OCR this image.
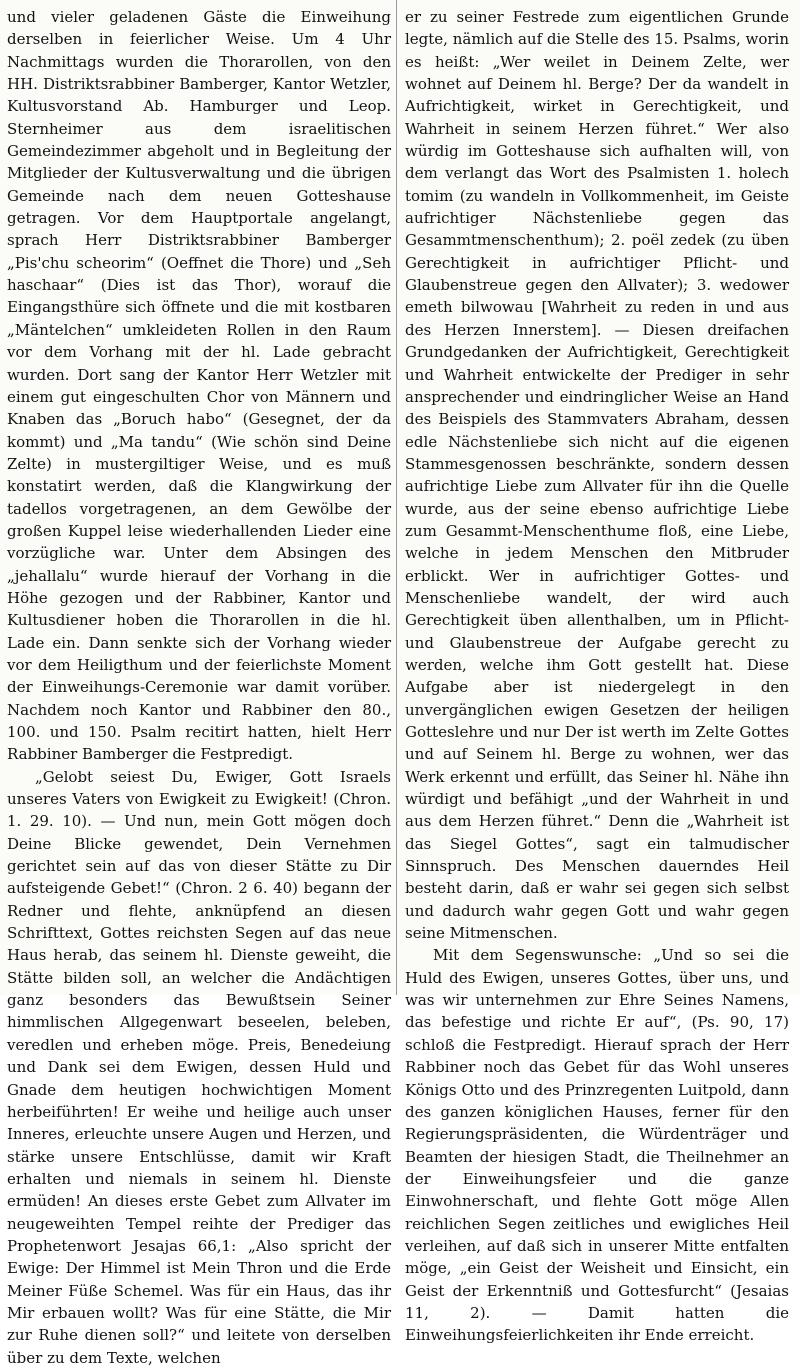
und vieler geladenen Gäste die Einweihung derselben in feierlicher Weise. Um 4 Uhr Nachmittags wurden die Thorarollen, von den HH. Distriktsrabbiner Bamberger, Kantor Wetzler, Kultusvorstand Ab. Hamburger und Leop. Sternheimer aus dem israelitischen Gemeindezimmer abgeholt und in Begleitung der Mitglieder der Kultusverwaltung und die übrigen Gemeinde nach dem neuen Gotteshause getragen. Vor dem Hauptportale angelangt, sprach Herr Distriktsrabbiner Bamberger „Pis'chu scheorim“ (Oeffnet die Thore) und „Seh haschaar“ (Dies ist das Thor), worauf die Eingangsthüre sich öffnete und die mit kostbaren „Mäntelchen“ umkleideten Rollen in den Raum vor dem Vorhang mit der hl. Lade gebracht wurden. Dort sang der Kantor Herr Wetzler mit einem gut eingeschulten Chor von Männern und Knaben das „Boruch habo“ (Gesegnet, der da kommt) und „Ma tandu“ (Wie schön sind Deine Zelte) in mustergiltiger Weise, und es muß konstatirt werden, daß die Klangwirkung der tadellos vorgetragenen, an dem Gewölbe der großen Kuppel leise wiederhallenden Lieder eine vorzügliche war. Unter dem Absingen des „jehallalu“ wurde hierauf der Vorhang in die Höhe gezogen und der Rabbiner, Kantor und Kultusdiener hoben die Thorarollen in die hl. Lade ein. Dann senkte sich der Vorhang wieder vor dem Heiligthum und der feierlichste Moment der Einweihungs-Ceremonie war damit vorüber. Nachdem noch Kantor und Rabbiner den 80., 100. und 150. Psalm recitirt hatten, hielt Herr Rabbiner Bamberger die Festpredigt.

„Gelobt seiest Du, Ewiger, Gott Israels unseres Vaters von Ewigkeit zu Ewigkeit! (Chron. 1. 29. 10). — Und nun, mein Gott mögen doch Deine Blicke gewendet, Dein Vernehmen gerichtet sein auf das von dieser Stätte zu Dir aufsteigende Gebet!“ (Chron. 2 6. 40) begann der Redner und flehte, anknüpfend an diesen Schrifttext, Gottes reichsten Segen auf das neue Haus herab, das seinem hl. Dienste geweiht, die Stätte bilden soll, an welcher die Andächtigen ganz besonders das Bewußtsein Seiner himmlischen Allgegenwart beseelen, beleben, veredlen und erheben möge. Preis, Benedeiung und Dank sei dem Ewigen, dessen Huld und Gnade dem heutigen hochwichtigen Moment herbeiführten! Er weihe und heilige auch unser Inneres, erleuchte unsere Augen und Herzen, und stärke unsere Entschlüsse, damit wir Kraft erhalten und niemals in seinem hl. Dienste ermüden! An dieses erste Gebet zum Allvater im neugeweihten Tempel reihte der Prediger das Prophetenwort Jesajas 66,1: „Also spricht der Ewige: Der Himmel ist Mein Thron und die Erde Meiner Füße Schemel. Was für ein Haus, das ihr Mir erbauen wollt? Was für eine Stätte, die Mir zur Ruhe dienen soll?“ und leitete von derselben über zu dem Texte, welchen

er zu seiner Festrede zum eigentlichen Grunde legte, nämlich auf die Stelle des 15. Psalms, worin es heißt: „Wer weilet in Deinem Zelte, wer wohnet auf Deinem hl. Berge? Der da wandelt in Aufrichtigkeit, wirket in Gerechtigkeit, und Wahrheit in seinem Herzen führet.“ Wer also würdig im Gotteshause sich aufhalten will, von dem verlangt das Wort des Psalmisten 1. holech tomim (zu wandeln in Vollkommenheit, im Geiste aufrichtiger Nächstenliebe gegen das Gesammtmenschenthum); 2. poël zedek (zu üben Gerechtigkeit in aufrichtiger Pflicht- und Glaubenstreue gegen den Allvater); 3. wedower emeth bilwowau [Wahrheit zu reden in und aus des Herzen Innerstem]. — Diesen dreifachen Grundgedanken der Aufrichtigkeit, Gerechtigkeit und Wahrheit entwickelte der Prediger in sehr ansprechender und eindringlicher Weise an Hand des Beispiels des Stammvaters Abraham, dessen edle Nächstenliebe sich nicht auf die eigenen Stammesgenossen beschränkte, sondern dessen aufrichtige Liebe zum Allvater für ihn die Quelle wurde, aus der seine ebenso aufrichtige Liebe zum Gesammt-Menschenthume floß, eine Liebe, welche in jedem Menschen den Mitbruder erblickt. Wer in aufrichtiger Gottes- und Menschenliebe wandelt, der wird auch Gerechtigkeit üben allenthalben, um in Pflicht- und Glaubenstreue der Aufgabe gerecht zu werden, welche ihm Gott gestellt hat. Diese Aufgabe aber ist niedergelegt in den unvergänglichen ewigen Gesetzen der heiligen Gotteslehre und nur Der ist werth im Zelte Gottes und auf Seinem hl. Berge zu wohnen, wer das Werk erkennt und erfüllt, das Seiner hl. Nähe ihn würdigt und befähigt „und der Wahrheit in und aus dem Herzen führet.“ Denn die „Wahrheit ist das Siegel Gottes“, sagt ein talmudischer Sinnspruch. Des Menschen dauerndes Heil besteht darin, daß er wahr sei gegen sich selbst und dadurch wahr gegen Gott und wahr gegen seine Mitmenschen.

Mit dem Segenswunsche: „Und so sei die Huld des Ewigen, unseres Gottes, über uns, und was wir unternehmen zur Ehre Seines Namens, das befestige und richte Er auf“, (Ps. 90, 17) schloß die Festpredigt. Hierauf sprach der Herr Rabbiner noch das Gebet für das Wohl unseres Königs Otto und des Prinzregenten Luitpold, dann des ganzen königlichen Hauses, ferner für den Regierungspräsidenten, die Würdenträger und Beamten der hiesigen Stadt, die Theilnehmer an der Einweihungsfeier und die ganze Einwohnerschaft, und flehte Gott möge Allen reichlichen Segen zeitliches und ewigliches Heil verleihen, auf daß sich in unserer Mitte entfalten möge, „ein Geist der Weisheit und Einsicht, ein Geist der Erkenntniß und Gottesfurcht“ (Jesaias 11, 2). — Damit hatten die Einweihungsfeierlichkeiten ihr Ende erreicht.
